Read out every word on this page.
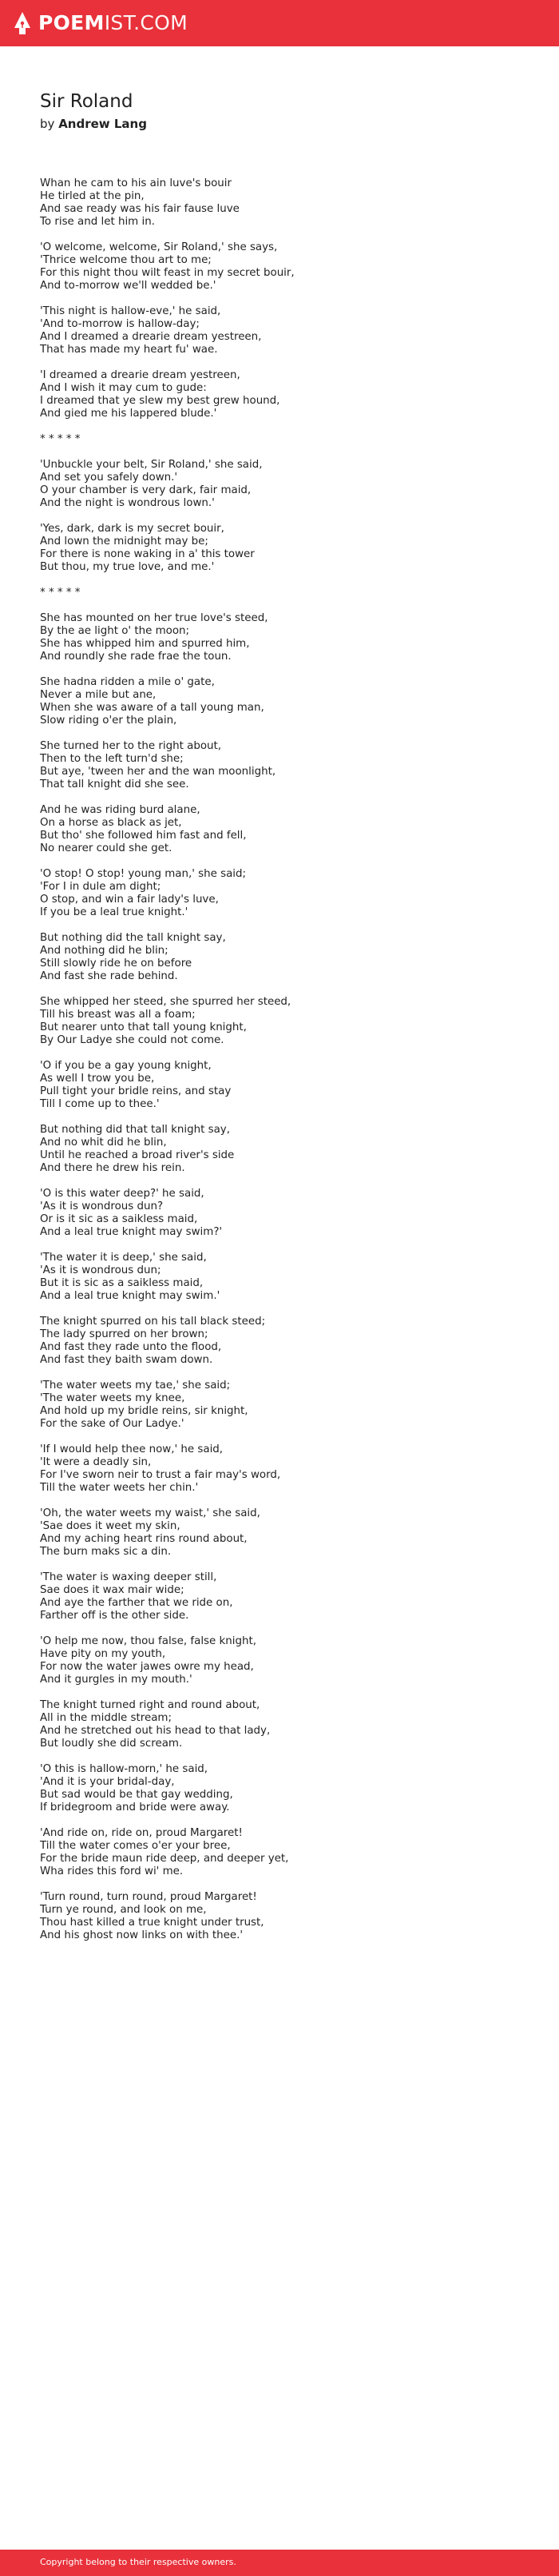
POEMIST.COM
Sir Roland
by Andrew Lang
Whan he cam to his ain luve's bouir
He tirled at the pin,
And sae ready was his fair fause luve
To rise and let him in.
'O welcome, welcome, Sir Roland,' she says,
'Thrice welcome thou art to me;
For this night thou wilt feast in my secret bouir,
And to-morrow we'll wedded be.'
'This night is hallow-eve,' he said,
'And to-morrow is hallow-day;
And I dreamed a drearie dream yestreen,
That has made my heart fu' wae.
'I dreamed a drearie dream yestreen,
And I wish it may cum to gude:
I dreamed that ye slew my best grew hound,
And gied me his lappered blude.'
* * * * *
'Unbuckle your belt, Sir Roland,' she said,
And set you safely down.'
O your chamber is very dark, fair maid,
And the night is wondrous lown.'
'Yes, dark, dark is my secret bouir,
And lown the midnight may be;
For there is none waking in a' this tower
But thou, my true love, and me.'
* * * * *
She has mounted on her true love's steed,
By the ae light o' the moon;
She has whipped him and spurred him,
And roundly she rade frae the toun.
She hadna ridden a mile o' gate,
Never a mile but ane,
When she was aware of a tall young man,
Slow riding o'er the plain,
She turned her to the right about,
Then to the left turn'd she;
But aye, 'tween her and the wan moonlight,
That tall knight did she see.
And he was riding burd alane,
On a horse as black as jet,
But tho' she followed him fast and fell,
No nearer could she get.
'O stop! O stop! young man,' she said;
'For I in dule am dight;
O stop, and win a fair lady's luve,
If you be a leal true knight.'
But nothing did the tall knight say,
And nothing did he blin;
Still slowly ride he on before
And fast she rade behind.
She whipped her steed, she spurred her steed,
Till his breast was all a foam;
But nearer unto that tall young knight,
By Our Ladye she could not come.
'O if you be a gay young knight,
As well I trow you be,
Pull tight your bridle reins, and stay
Till I come up to thee.'
But nothing did that tall knight say,
And no whit did he blin,
Until he reached a broad river's side
And there he drew his rein.
'O is this water deep?' he said,
'As it is wondrous dun?
Or is it sic as a saikless maid,
And a leal true knight may swim?'
'The water it is deep,' she said,
'As it is wondrous dun;
But it is sic as a saikless maid,
And a leal true knight may swim.'
The knight spurred on his tall black steed;
The lady spurred on her brown;
And fast they rade unto the flood,
And fast they baith swam down.
'The water weets my tae,' she said;
'The water weets my knee,
And hold up my bridle reins, sir knight,
For the sake of Our Ladye.'
'If I would help thee now,' he said,
'It were a deadly sin,
For I've sworn neir to trust a fair may's word,
Till the water weets her chin.'
'Oh, the water weets my waist,' she said,
'Sae does it weet my skin,
And my aching heart rins round about,
The burn maks sic a din.
'The water is waxing deeper still,
Sae does it wax mair wide;
And aye the farther that we ride on,
Farther off is the other side.
'O help me now, thou false, false knight,
Have pity on my youth,
For now the water jawes owre my head,
And it gurgles in my mouth.'
The knight turned right and round about,
All in the middle stream;
And he stretched out his head to that lady,
But loudly she did scream.
'O this is hallow-morn,' he said,
'And it is your bridal-day,
But sad would be that gay wedding,
If bridegroom and bride were away.
'And ride on, ride on, proud Margaret!
Till the water comes o'er your bree,
For the bride maun ride deep, and deeper yet,
Wha rides this ford wi' me.
'Turn round, turn round, proud Margaret!
Turn ye round, and look on me,
Thou hast killed a true knight under trust,
And his ghost now links on with thee.'
Copyright belong to their respective owners.
